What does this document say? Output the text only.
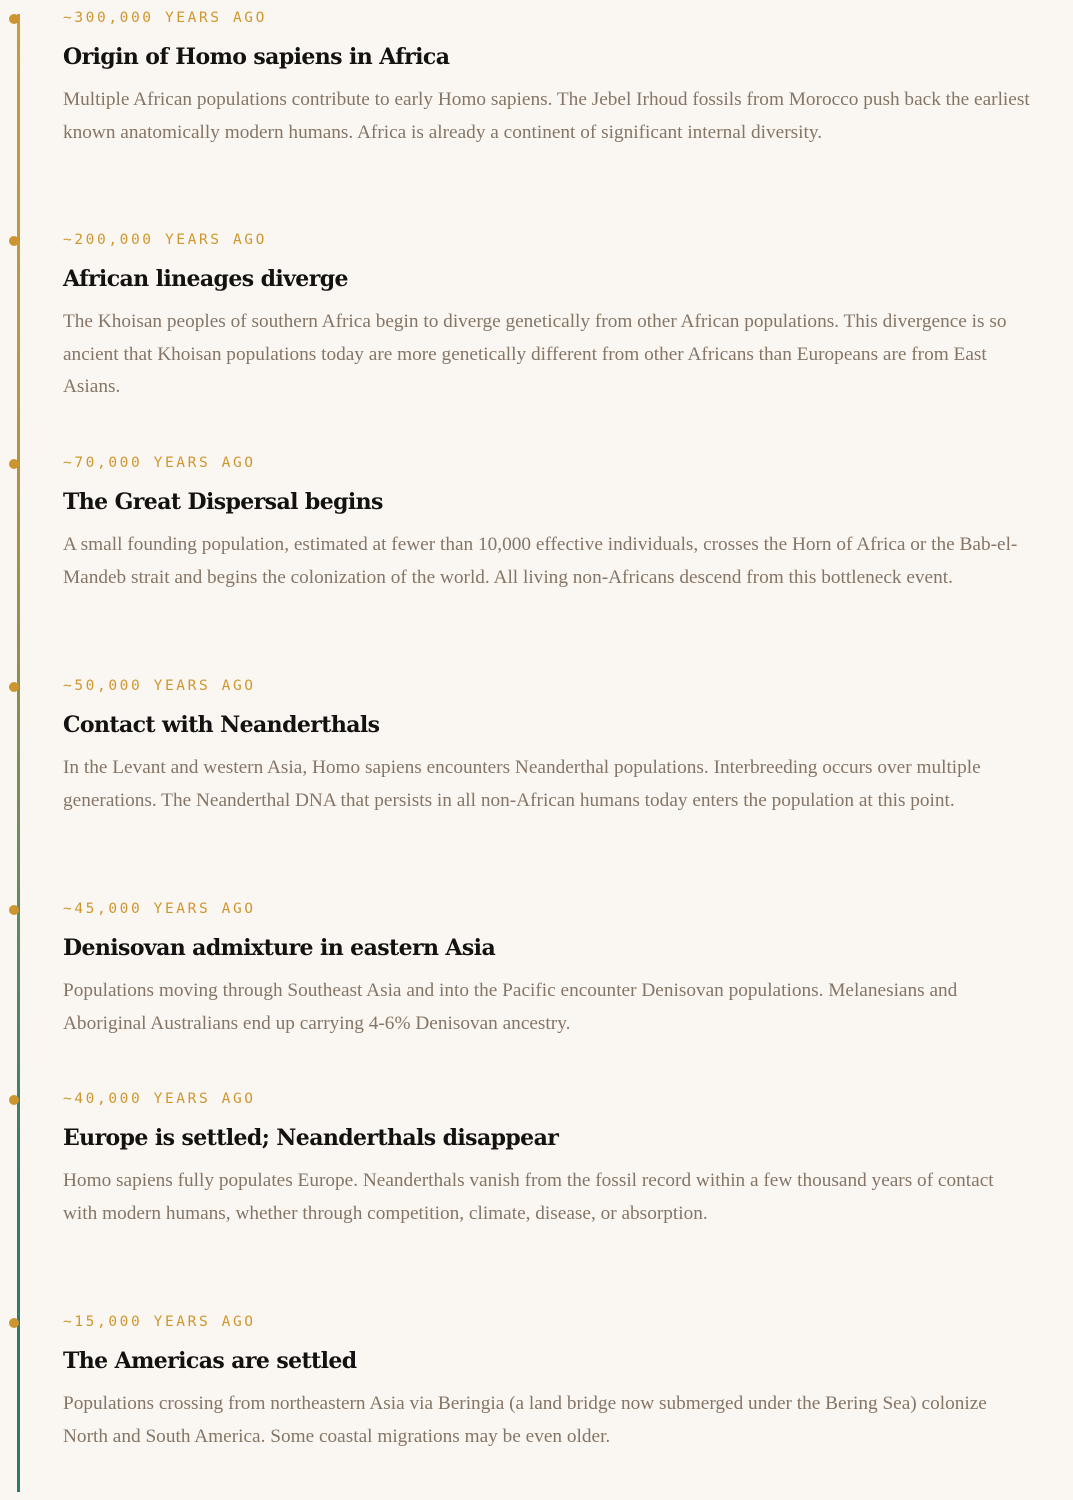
~300,000 YEARS AGO
Origin of Homo sapiens in Africa

Multiple African populations contribute to early Homo sapiens. The Jebel Irhoud fossils from Morocco push back the earliest known anatomically modern humans. Africa is already a continent of significant internal diversity.

~200,000 YEARS AGO
African lineages diverge

The Khoisan peoples of southern Africa begin to diverge genetically from other African populations. This divergence is so ancient that Khoisan populations today are more genetically different from other Africans than Europeans are from East Asians.

~70,000 YEARS AGO
The Great Dispersal begins

A small founding population, estimated at fewer than 10,000 effective individuals, crosses the Horn of Africa or the Bab-el-Mandeb strait and begins the colonization of the world. All living non-Africans descend from this bottleneck event.

~50,000 YEARS AGO
Contact with Neanderthals

In the Levant and western Asia, Homo sapiens encounters Neanderthal populations. Interbreeding occurs over multiple generations. The Neanderthal DNA that persists in all non-African humans today enters the population at this point.

~45,000 YEARS AGO
Denisovan admixture in eastern Asia

Populations moving through Southeast Asia and into the Pacific encounter Denisovan populations. Melanesians and Aboriginal Australians end up carrying 4-6% Denisovan ancestry.

~40,000 YEARS AGO
Europe is settled; Neanderthals disappear

Homo sapiens fully populates Europe. Neanderthals vanish from the fossil record within a few thousand years of contact with modern humans, whether through competition, climate, disease, or absorption.

~15,000 YEARS AGO
The Americas are settled

Populations crossing from northeastern Asia via Beringia (a land bridge now submerged under the Bering Sea) colonize North and South America. Some coastal migrations may be even older.
